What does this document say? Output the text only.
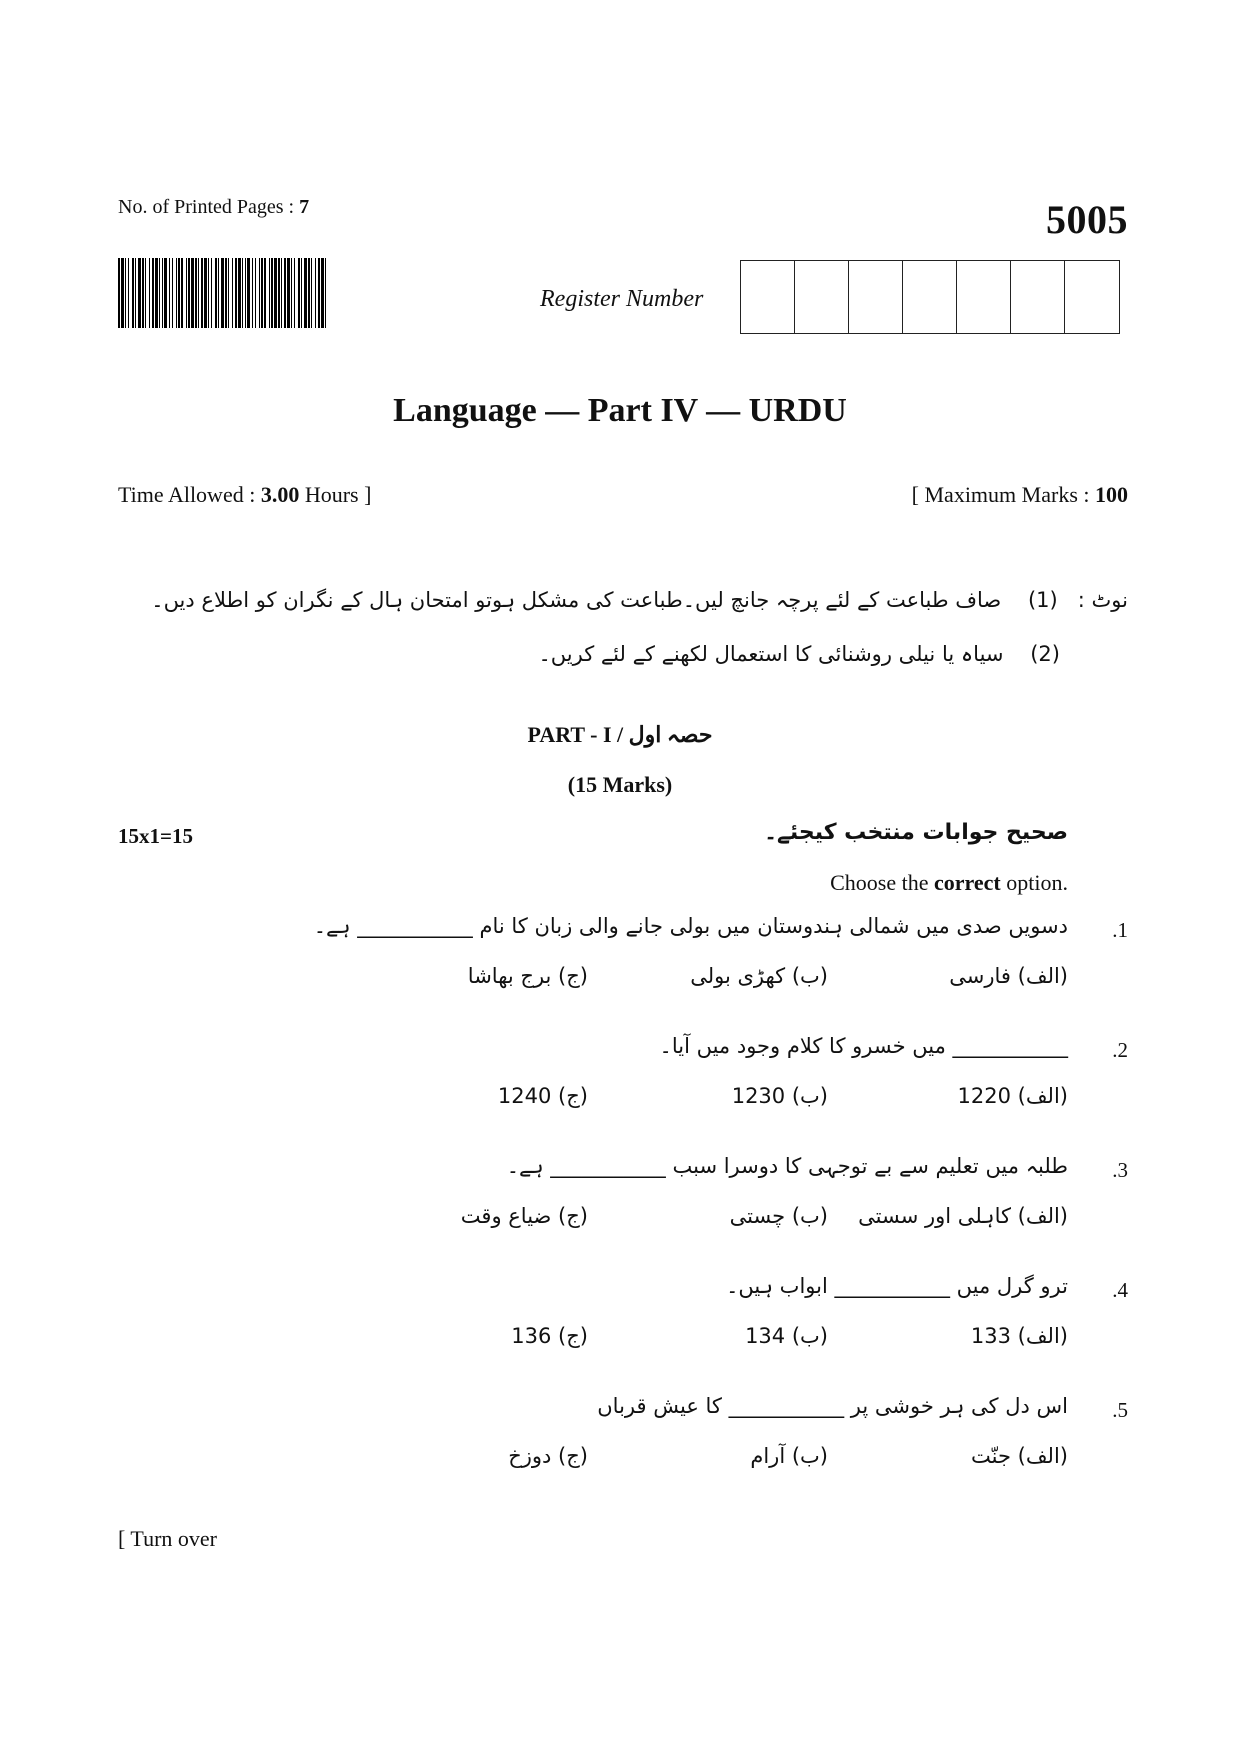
No. of Printed Pages : 7	5005
Register Number
Language — Part IV — URDU
Time Allowed : 3.00 Hours ]	[ Maximum Marks : 100
نوٹ :   (1)    صاف طباعت کے لئے پرچہ جانچ لیں۔طباعت کی مشکل ہوتو امتحان ہال کے نگران کو اطلاع دیں۔
(2)    سیاہ یا نیلی روشنائی کا استعمال لکھنے کے لئے کریں۔
PART - I / حصہ اول
(15 Marks)
15x1=15	صحیح جوابات منتخب کیجئے۔
Choose the correct option.
.1
دسویں صدی میں شمالی ہندوستان میں بولی جانے والی زبان کا نام ___________ ہے۔
(الف) فارسی
(ب) کھڑی بولی
(ج) برج بھاشا
.2
___________ میں خسرو کا کلام وجود میں آیا۔
(الف) 1220
(ب) 1230
(ج) 1240
.3
طلبہ میں تعلیم سے بے توجہی کا دوسرا سبب ___________ ہے۔
(الف) کاہلی اور سستی
(ب) چستی
(ج) ضیاع وقت
.4
ترو گرل میں ___________ ابواب ہیں۔
(الف) 133
(ب) 134
(ج) 136
.5
اس دل کی ہر خوشی پر ___________ کا عیش قرباں
(الف) جنّت
(ب) آرام
(ج) دوزخ
[ Turn over
